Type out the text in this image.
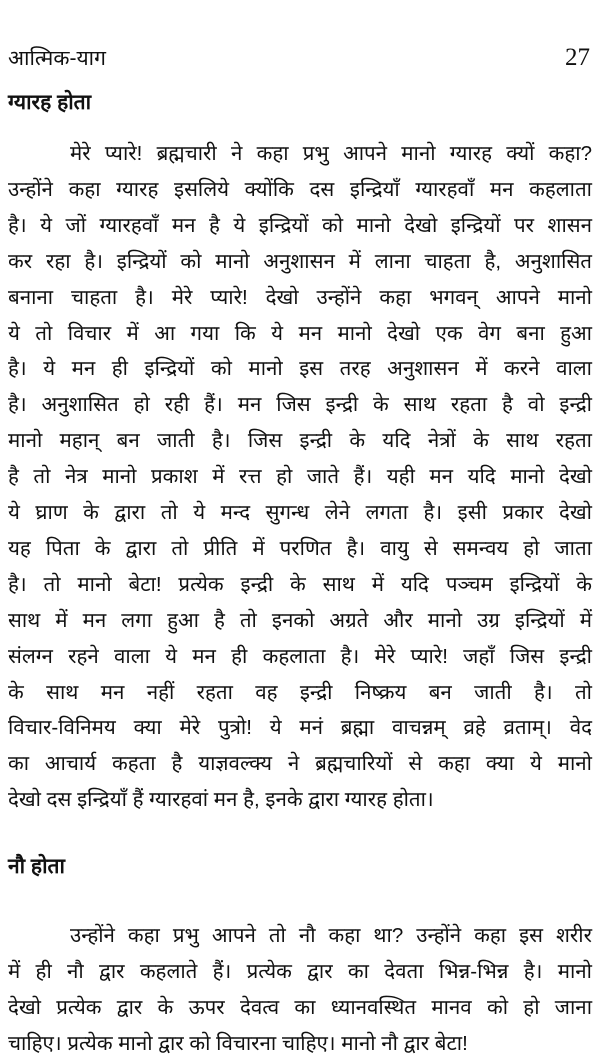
आत्मिक-याग	27
ग्यारह होता
मेरे प्यारे! ब्रह्मचारी ने कहा प्रभु आपने मानो ग्यारह क्यों कहा?
उन्होंने कहा ग्यारह इसलिये क्योंकि दस इन्द्रियाँ ग्यारहवाँ मन कहलाता
है। ये जों ग्यारहवाँ मन है ये इन्द्रियों को मानो देखो इन्द्रियों पर शासन
कर रहा है। इन्द्रियों को मानो अनुशासन में लाना चाहता है, अनुशासित
बनाना चाहता है। मेरे प्यारे! देखो उन्होंने कहा भगवन् आपने मानो
ये तो विचार में आ गया कि ये मन मानो देखो एक वेग बना हुआ
है। ये मन ही इन्द्रियों को मानो इस तरह अनुशासन में करने वाला
है। अनुशासित हो रही हैं। मन जिस इन्द्री के साथ रहता है वो इन्द्री
मानो महान् बन जाती है। जिस इन्द्री के यदि नेत्रों के साथ रहता
है तो नेत्र मानो प्रकाश में रत्त हो जाते हैं। यही मन यदि मानो देखो
ये घ्राण के द्वारा तो ये मन्द सुगन्ध लेने लगता है। इसी प्रकार देखो
यह पिता के द्वारा तो प्रीति में परणित है। वायु से समन्वय हो जाता
है। तो मानो बेटा! प्रत्येक इन्द्री के साथ में यदि पञ्चम इन्द्रियों के
साथ में मन लगा हुआ है तो इनको अग्रते और मानो उग्र इन्द्रियों में
संलग्न रहने वाला ये मन ही कहलाता है। मेरे प्यारे! जहाँ जिस इन्द्री
के साथ मन नहीं रहता वह इन्द्री निष्क्रय बन जाती है। तो
विचार-विनिमय क्या मेरे पुत्रो! ये मनं ब्रह्मा वाचन्नम् व्रहे व्रताम्। वेद
का आचार्य कहता है याज्ञवल्क्य ने ब्रह्मचारियों से कहा क्या ये मानो
देखो दस इन्द्रियाँ हैं ग्यारहवां मन है, इनके द्वारा ग्यारह होता।
नौ होता
उन्होंने कहा प्रभु आपने तो नौ कहा था? उन्होंने कहा इस शरीर
में ही नौ द्वार कहलाते हैं। प्रत्येक द्वार का देवता भिन्न-भिन्न है। मानो
देखो प्रत्येक द्वार के ऊपर देवत्व का ध्यानवस्थित मानव को हो जाना
चाहिए। प्रत्येक मानो द्वार को विचारना चाहिए। मानो नौ द्वार बेटा!
